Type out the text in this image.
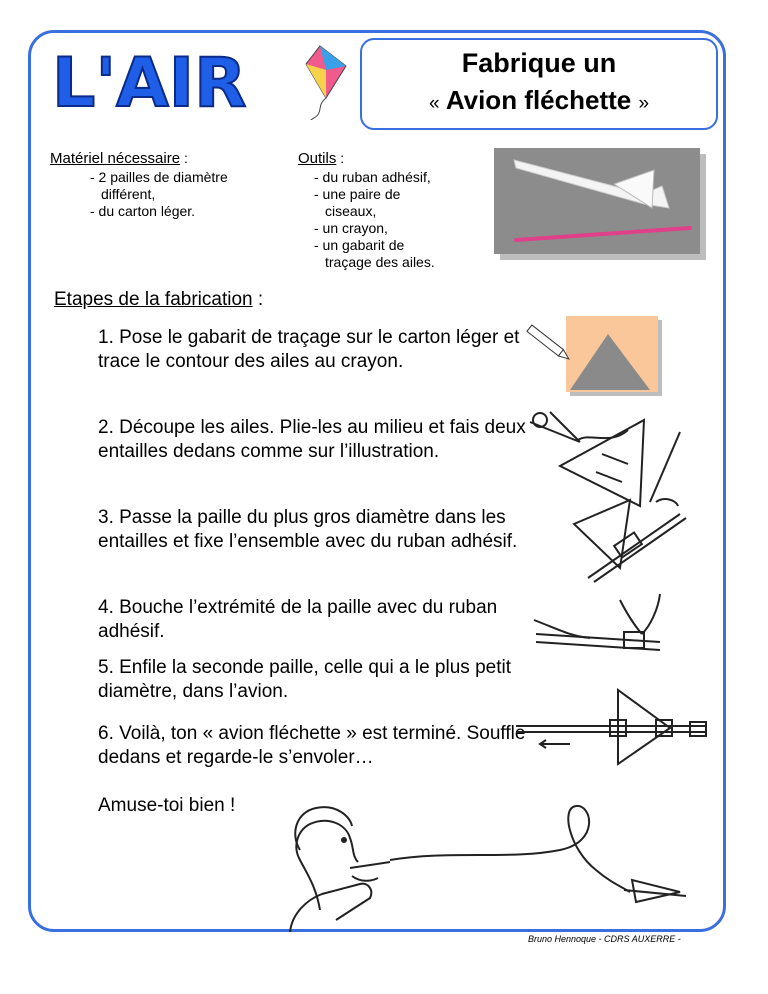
L'AIR	Fabrique un
« Avion fléchette »
Matériel nécessaire :
- 2 pailles de diamètre
différent,
- du carton léger.
Outils :
- du ruban adhésif,
- une paire de
ciseaux,
- un crayon,
- un gabarit de
traçage des ailes.
Etapes de la fabrication :
1. Pose le gabarit de traçage sur le carton léger et trace le contour des ailes au crayon.
2. Découpe les ailes. Plie-les au milieu et fais deux entailles dedans comme sur l’illustration.
3. Passe la paille du plus gros diamètre dans les entailles et fixe l’ensemble avec du ruban adhésif.
4. Bouche l’extrémité de la paille avec du ruban adhésif.
5. Enfile la seconde paille, celle qui a le plus petit diamètre, dans l’avion.
6. Voilà, ton « avion fléchette » est terminé. Souffle dedans et regarde-le s’envoler…
Amuse-toi bien !
Bruno Hennoque - CDRS AUXERRE -
